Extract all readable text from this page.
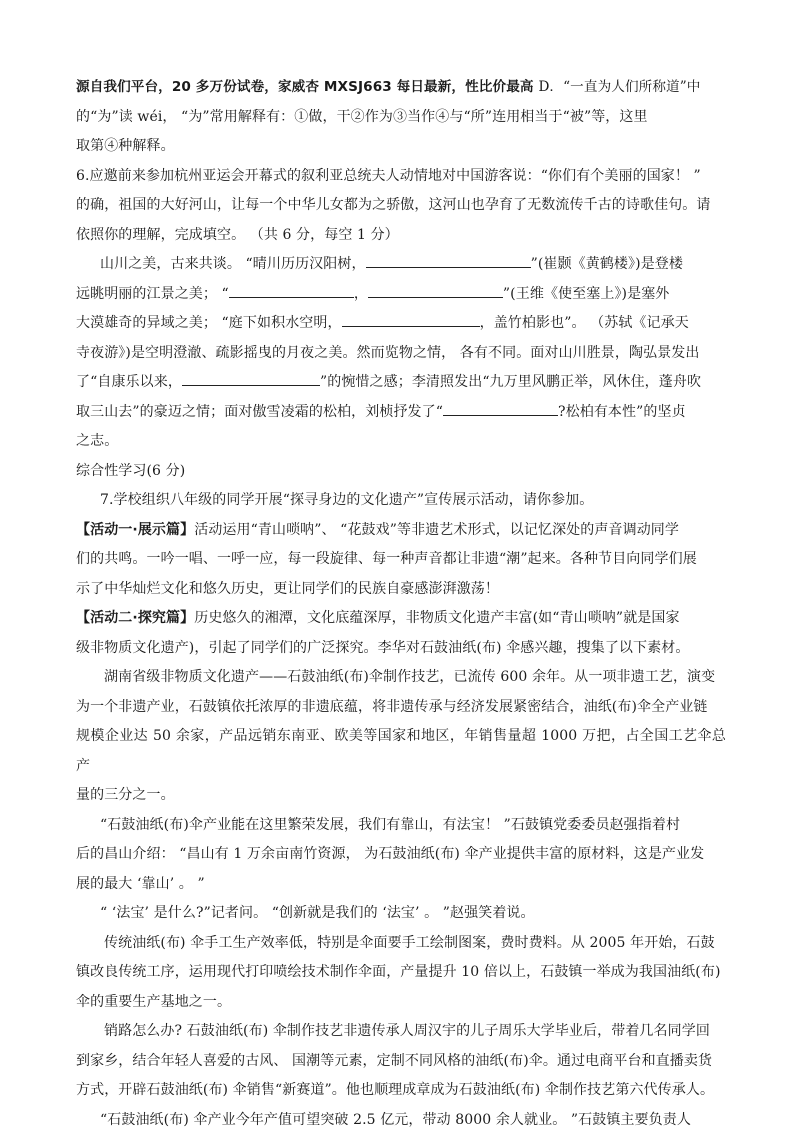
源自我们平台，20 多万份试卷，家威杏 MXSJ663 每日最新，性比价最高 D．“一直为人们所称道”中

的“为”读 wéi， “为”常用解释有：①做，干②作为③当作④与“所”连用相当于“被”等，这里

取第④种解释。

6.应邀前来参加杭州亚运会开幕式的叙利亚总统夫人动情地对中国游客说：“你们有个美丽的国家！ ”

的确，祖国的大好河山，让每一个中华儿女都为之骄傲，这河山也孕育了无数流传千古的诗歌佳句。请

依照你的理解，完成填空。 （共 6 分，每空 1 分）

山川之美，古来共谈。 “晴川历历汉阳树，	”(崔颢《黄鹤楼》)是登楼

远眺明丽的江景之美； “	，	”(王维《使至塞上》)是塞外

大漠雄奇的异域之美； “庭下如积水空明，	，盖竹柏影也”。 （苏轼《记承天

寺夜游》)是空明澄澈、疏影摇曳的月夜之美。然而览物之情， 各有不同。面对山川胜景，陶弘景发出

了“自康乐以来，	”的惋惜之感；李清照发出“九万里风鹏正举，风休住，蓬舟吹

取三山去”的豪迈之情；面对傲雪凌霜的松柏，刘桢抒发了“	?松柏有本性”的坚贞

之志。

综合性学习(6 分)

7.学校组织八年级的同学开展“探寻身边的文化遗产”宣传展示活动，请你参加。

【活动一·展示篇】活动运用“青山唢呐”、 “花鼓戏”等非遗艺术形式，以记忆深处的声音调动同学

们的共鸣。一吟一唱、一呼一应，每一段旋律、每一种声音都让非遗“潮”起来。各种节目向同学们展

示了中华灿烂文化和悠久历史，更让同学们的民族自豪感澎湃激荡！

【活动二·探究篇】历史悠久的湘潭，文化底蕴深厚，非物质文化遗产丰富(如“青山唢呐”就是国家

级非物质文化遗产)，引起了同学们的广泛探究。李华对石鼓油纸(布) 伞感兴趣，搜集了以下素材。

湖南省级非物质文化遗产——石鼓油纸(布)伞制作技艺，已流传 600 余年。从一项非遗工艺，演变

为一个非遗产业，石鼓镇依托浓厚的非遗底蕴，将非遗传承与经济发展紧密结合，油纸(布)伞全产业链

规模企业达 50 余家，产品远销东南亚、欧美等国家和地区，年销售量超 1000 万把，占全国工艺伞总产

量的三分之一。

“石鼓油纸(布)伞产业能在这里繁荣发展，我们有靠山，有法宝！ ”石鼓镇党委委员赵强指着村

后的昌山介绍： “昌山有 1 万余亩南竹资源， 为石鼓油纸(布) 伞产业提供丰富的原材料，这是产业发

展的最大 ‘靠山’ 。 ”

“ ‘法宝’ 是什么?”记者问。 “创新就是我们的 ‘法宝’ 。 ”赵强笑着说。

传统油纸(布) 伞手工生产效率低，特别是伞面要手工绘制图案，费时费料。从 2005 年开始，石鼓

镇改良传统工序，运用现代打印喷绘技术制作伞面，产量提升 10 倍以上，石鼓镇一举成为我国油纸(布)

伞的重要生产基地之一。

销路怎么办? 石鼓油纸(布) 伞制作技艺非遗传承人周汉宇的儿子周乐大学毕业后，带着几名同学回

到家乡，结合年轻人喜爱的古风、 国潮等元素，定制不同风格的油纸(布)伞。通过电商平台和直播卖货

方式，开辟石鼓油纸(布) 伞销售“新赛道”。他也顺理成章成为石鼓油纸(布) 伞制作技艺第六代传承人。

“石鼓油纸(布) 伞产业今年产值可望突破 2.5 亿元，带动 8000 余人就业。 ”石鼓镇主要负责人
